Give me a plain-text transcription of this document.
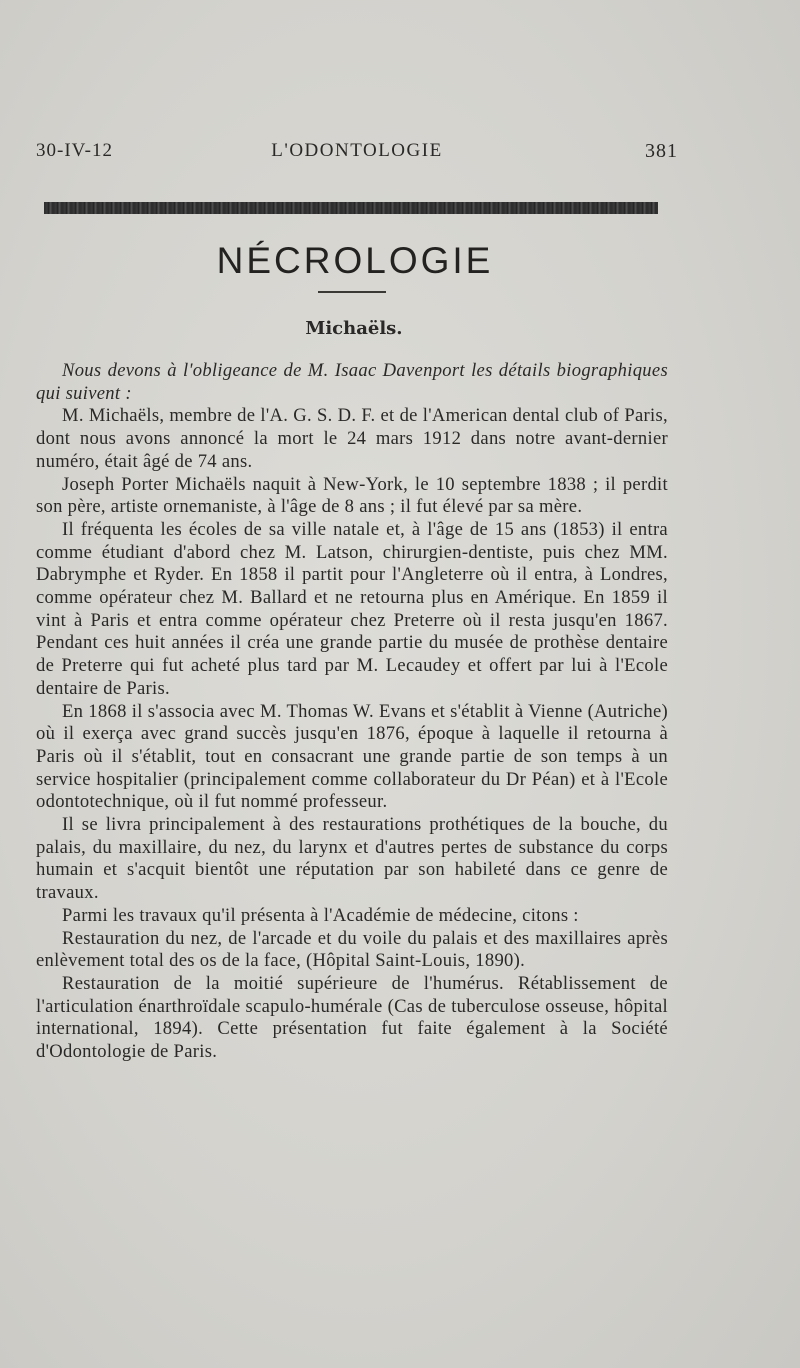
30-IV-12	L'ODONTOLOGIE	381
NÉCROLOGIE
Michaëls.

Nous devons à l'obligeance de M. Isaac Davenport les détails biographiques qui suivent :

M. Michaëls, membre de l'A. G. S. D. F. et de l'American dental club of Paris, dont nous avons annoncé la mort le 24 mars 1912 dans notre avant-dernier numéro, était âgé de 74 ans.

Joseph Porter Michaëls naquit à New-York, le 10 septembre 1838 ; il perdit son père, artiste ornemaniste, à l'âge de 8 ans ; il fut élevé par sa mère.

Il fréquenta les écoles de sa ville natale et, à l'âge de 15 ans (1853) il entra comme étudiant d'abord chez M. Latson, chirurgien-dentiste, puis chez MM. Dabrymphe et Ryder. En 1858 il partit pour l'Angleterre où il entra, à Londres, comme opérateur chez M. Ballard et ne retourna plus en Amérique. En 1859 il vint à Paris et entra comme opérateur chez Preterre où il resta jusqu'en 1867. Pendant ces huit années il créa une grande partie du musée de prothèse dentaire de Preterre qui fut acheté plus tard par M. Lecaudey et offert par lui à l'Ecole dentaire de Paris.

En 1868 il s'associa avec M. Thomas W. Evans et s'établit à Vienne (Autriche) où il exerça avec grand succès jusqu'en 1876, époque à laquelle il retourna à Paris où il s'établit, tout en consacrant une grande partie de son temps à un service hospitalier (principalement comme collaborateur du Dr Péan) et à l'Ecole odontotechnique, où il fut nommé professeur.

Il se livra principalement à des restaurations prothétiques de la bouche, du palais, du maxillaire, du nez, du larynx et d'autres pertes de substance du corps humain et s'acquit bientôt une réputation par son habileté dans ce genre de travaux.

Parmi les travaux qu'il présenta à l'Académie de médecine, citons :

Restauration du nez, de l'arcade et du voile du palais et des maxillaires après enlèvement total des os de la face, (Hôpital Saint-Louis, 1890).

Restauration de la moitié supérieure de l'humérus. Rétablissement de l'articulation énarthroïdale scapulo-humérale (Cas de tuberculose osseuse, hôpital international, 1894). Cette présentation fut faite également à la Société d'Odontologie de Paris.
